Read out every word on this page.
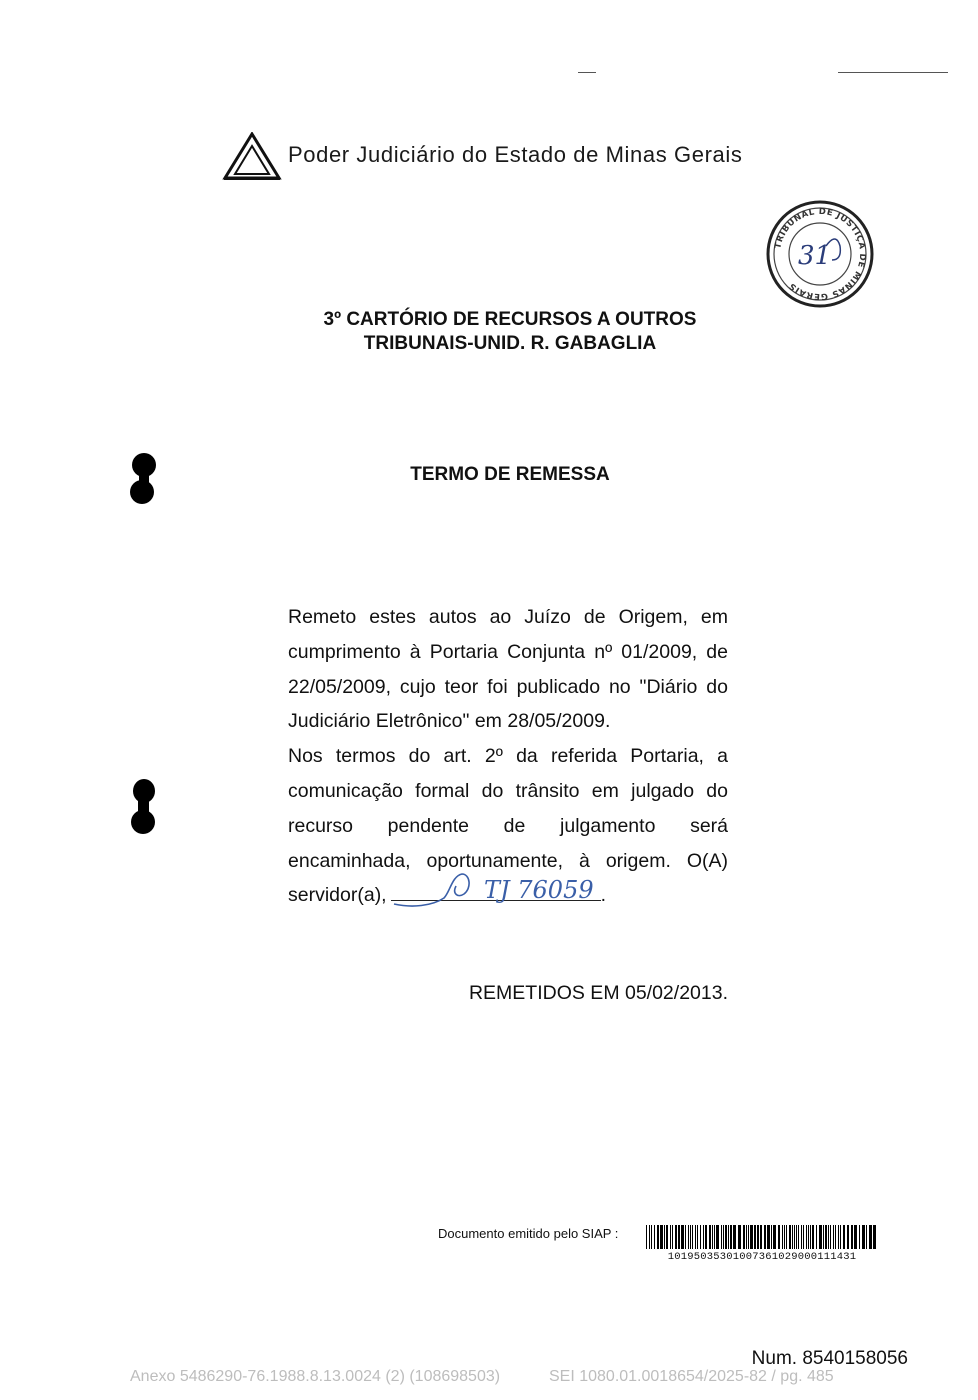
Poder Judiciário do Estado de Minas Gerais
TRIBUNAL DE JUSTIÇA DE MINAS GERAIS
31
3º CARTÓRIO DE RECURSOS A OUTROS
TRIBUNAIS-UNID. R. GABAGLIA
TERMO DE REMESSA
Remeto estes autos ao Juízo de Origem, em
cumprimento à Portaria Conjunta nº 01/2009, de
22/05/2009, cujo teor foi publicado no "Diário do
Judiciário Eletrônico" em 28/05/2009.
Nos termos do art. 2º da referida Portaria, a
comunicação formal do trânsito em julgado do
recurso pendente de julgamento será
encaminhada, oportunamente, à origem. O(A)
servidor(a),	.
TJ 76059
REMETIDOS EM 05/02/2013.
Documento emitido pelo SIAP :
10195035301007361029000111431
Num. 8540158056
Anexo 5486290-76.1988.8.13.0024 (2) (108698503)	SEI 1080.01.0018654/2025-82 / pg. 485
